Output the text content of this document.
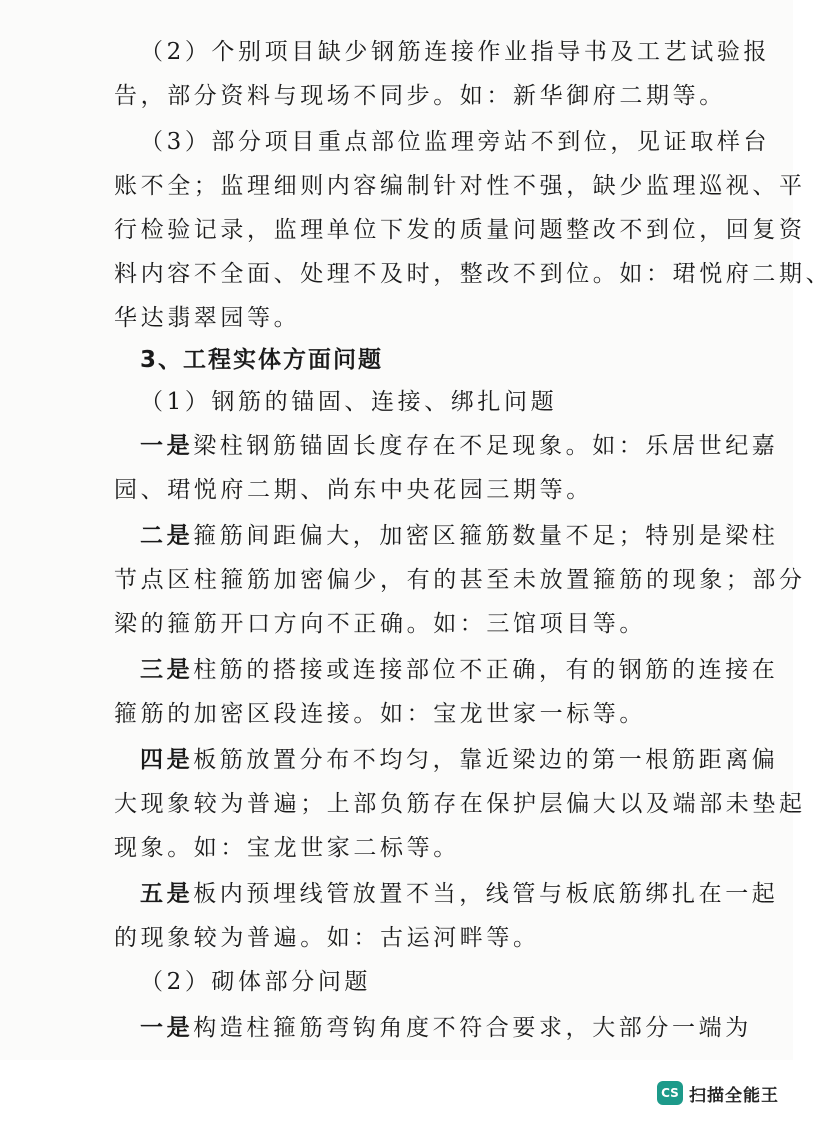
（2）个别项目缺少钢筋连接作业指导书及工艺试验报
告，部分资料与现场不同步。如：新华御府二期等。
（3）部分项目重点部位监理旁站不到位，见证取样台
账不全；监理细则内容编制针对性不强，缺少监理巡视、平
行检验记录，监理单位下发的质量问题整改不到位，回复资
料内容不全面、处理不及时，整改不到位。如：珺悦府二期、
华达翡翠园等。
3、工程实体方面问题
（1）钢筋的锚固、连接、绑扎问题
一是梁柱钢筋锚固长度存在不足现象。如：乐居世纪嘉
园、珺悦府二期、尚东中央花园三期等。
二是箍筋间距偏大，加密区箍筋数量不足；特别是梁柱
节点区柱箍筋加密偏少，有的甚至未放置箍筋的现象；部分
梁的箍筋开口方向不正确。如：三馆项目等。
三是柱筋的搭接或连接部位不正确，有的钢筋的连接在
箍筋的加密区段连接。如：宝龙世家一标等。
四是板筋放置分布不均匀，靠近梁边的第一根筋距离偏
大现象较为普遍；上部负筋存在保护层偏大以及端部未垫起
现象。如：宝龙世家二标等。
五是板内预埋线管放置不当，线管与板底筋绑扎在一起
的现象较为普遍。如：古运河畔等。
（2）砌体部分问题
一是构造柱箍筋弯钩角度不符合要求，大部分一端为
CS 扫描全能王
